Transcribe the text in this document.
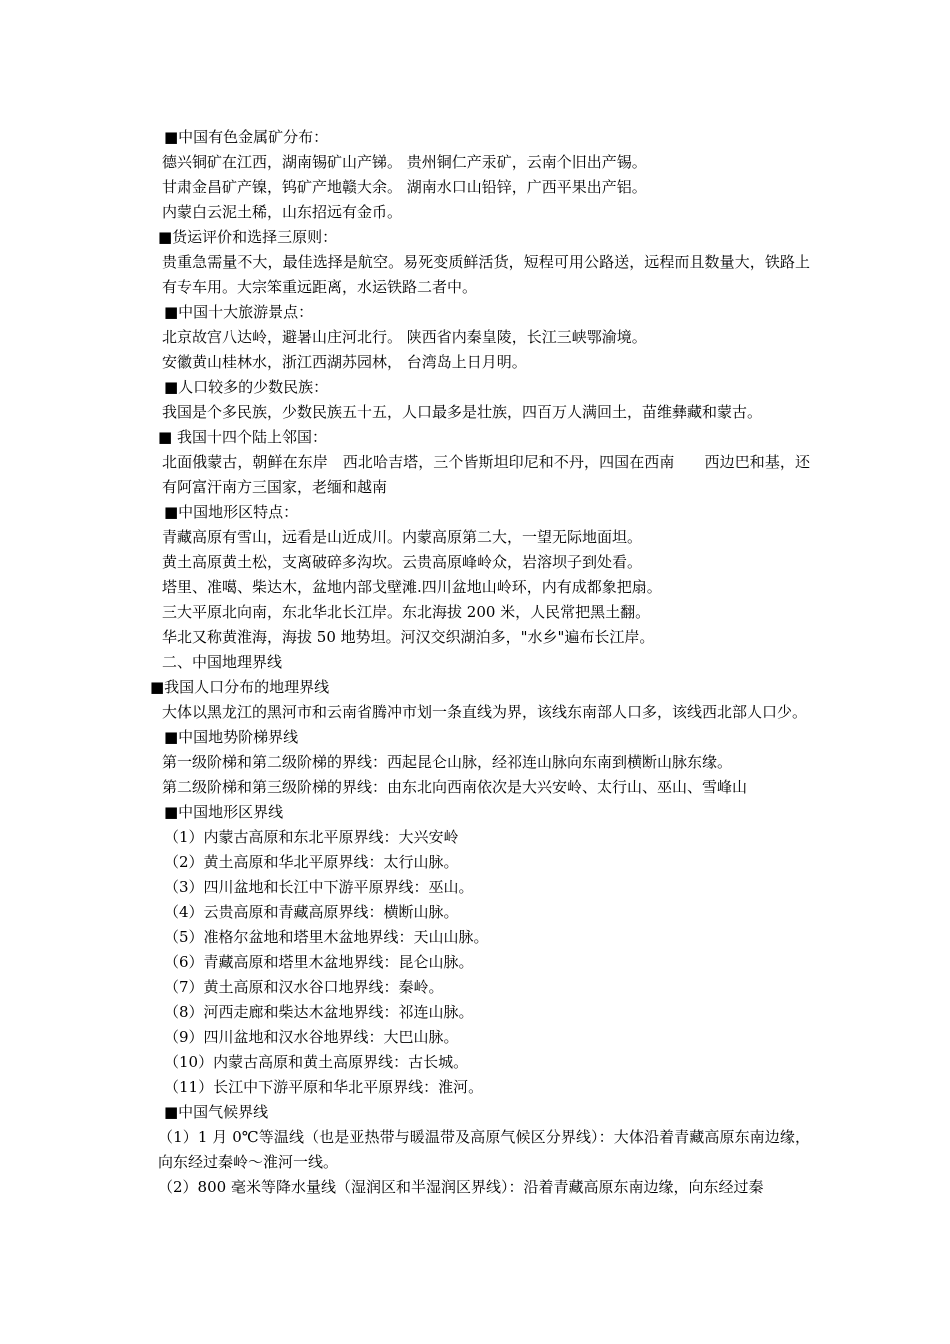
■中国有色金属矿分布：
德兴铜矿在江西，湖南锡矿山产锑。 贵州铜仁产汞矿，云南个旧出产锡。
甘肃金昌矿产镍，钨矿产地赣大余。 湖南水口山铅锌，广西平果出产铝。
内蒙白云泥土稀，山东招远有金币。
■货运评价和选择三原则：
贵重急需量不大，最佳选择是航空。易死变质鲜活货，短程可用公路送，远程而且数量大，铁路上有专车用。大宗笨重远距离，水运铁路二者中。
■中国十大旅游景点：
北京故宫八达岭，避暑山庄河北行。 陕西省内秦皇陵，长江三峡鄂渝境。
安徽黄山桂林水，浙江西湖苏园林， 台湾岛上日月明。
■人口较多的少数民族：
我国是个多民族，少数民族五十五，人口最多是壮族，四百万人满回土，苗维彝藏和蒙古。
■ 我国十四个陆上邻国：
北面俄蒙古，朝鲜在东岸　西北哈吉塔，三个皆斯坦印尼和不丹，四国在西南　　西边巴和基，还有阿富汗南方三国家，老缅和越南
■中国地形区特点：
青藏高原有雪山，远看是山近成川。内蒙高原第二大，一望无际地面坦。
黄土高原黄土松，支离破碎多沟坎。云贵高原峰岭众，岩溶坝子到处看。
塔里、准噶、柴达木，盆地内部戈壁滩.四川盆地山岭环，内有成都象把扇。
三大平原北向南，东北华北长江岸。东北海拔 200 米，人民常把黑土翻。
华北又称黄淮海，海拔 50 地势坦。河汉交织湖泊多，"水乡"遍布长江岸。
二、中国地理界线
■我国人口分布的地理界线
大体以黑龙江的黑河市和云南省腾冲市划一条直线为界，该线东南部人口多，该线西北部人口少。
■中国地势阶梯界线
第一级阶梯和第二级阶梯的界线：西起昆仑山脉，经祁连山脉向东南到横断山脉东缘。
第二级阶梯和第三级阶梯的界线：由东北向西南依次是大兴安岭、太行山、巫山、雪峰山
■中国地形区界线
（1）内蒙古高原和东北平原界线：大兴安岭
（2）黄土高原和华北平原界线：太行山脉。
（3）四川盆地和长江中下游平原界线：巫山。
（4）云贵高原和青藏高原界线：横断山脉。
（5）准格尔盆地和塔里木盆地界线：天山山脉。
（6）青藏高原和塔里木盆地界线：昆仑山脉。
（7）黄土高原和汉水谷口地界线：秦岭。
（8）河西走廊和柴达木盆地界线：祁连山脉。
（9）四川盆地和汉水谷地界线：大巴山脉。
（10）内蒙古高原和黄土高原界线：古长城。
（11）长江中下游平原和华北平原界线：淮河。
■中国气候界线
（1）1 月 0℃等温线（也是亚热带与暖温带及高原气候区分界线）：大体沿着青藏高原东南边缘，向东经过秦岭～淮河一线。
（2）800 毫米等降水量线（湿润区和半湿润区界线）：沿着青藏高原东南边缘，向东经过秦
